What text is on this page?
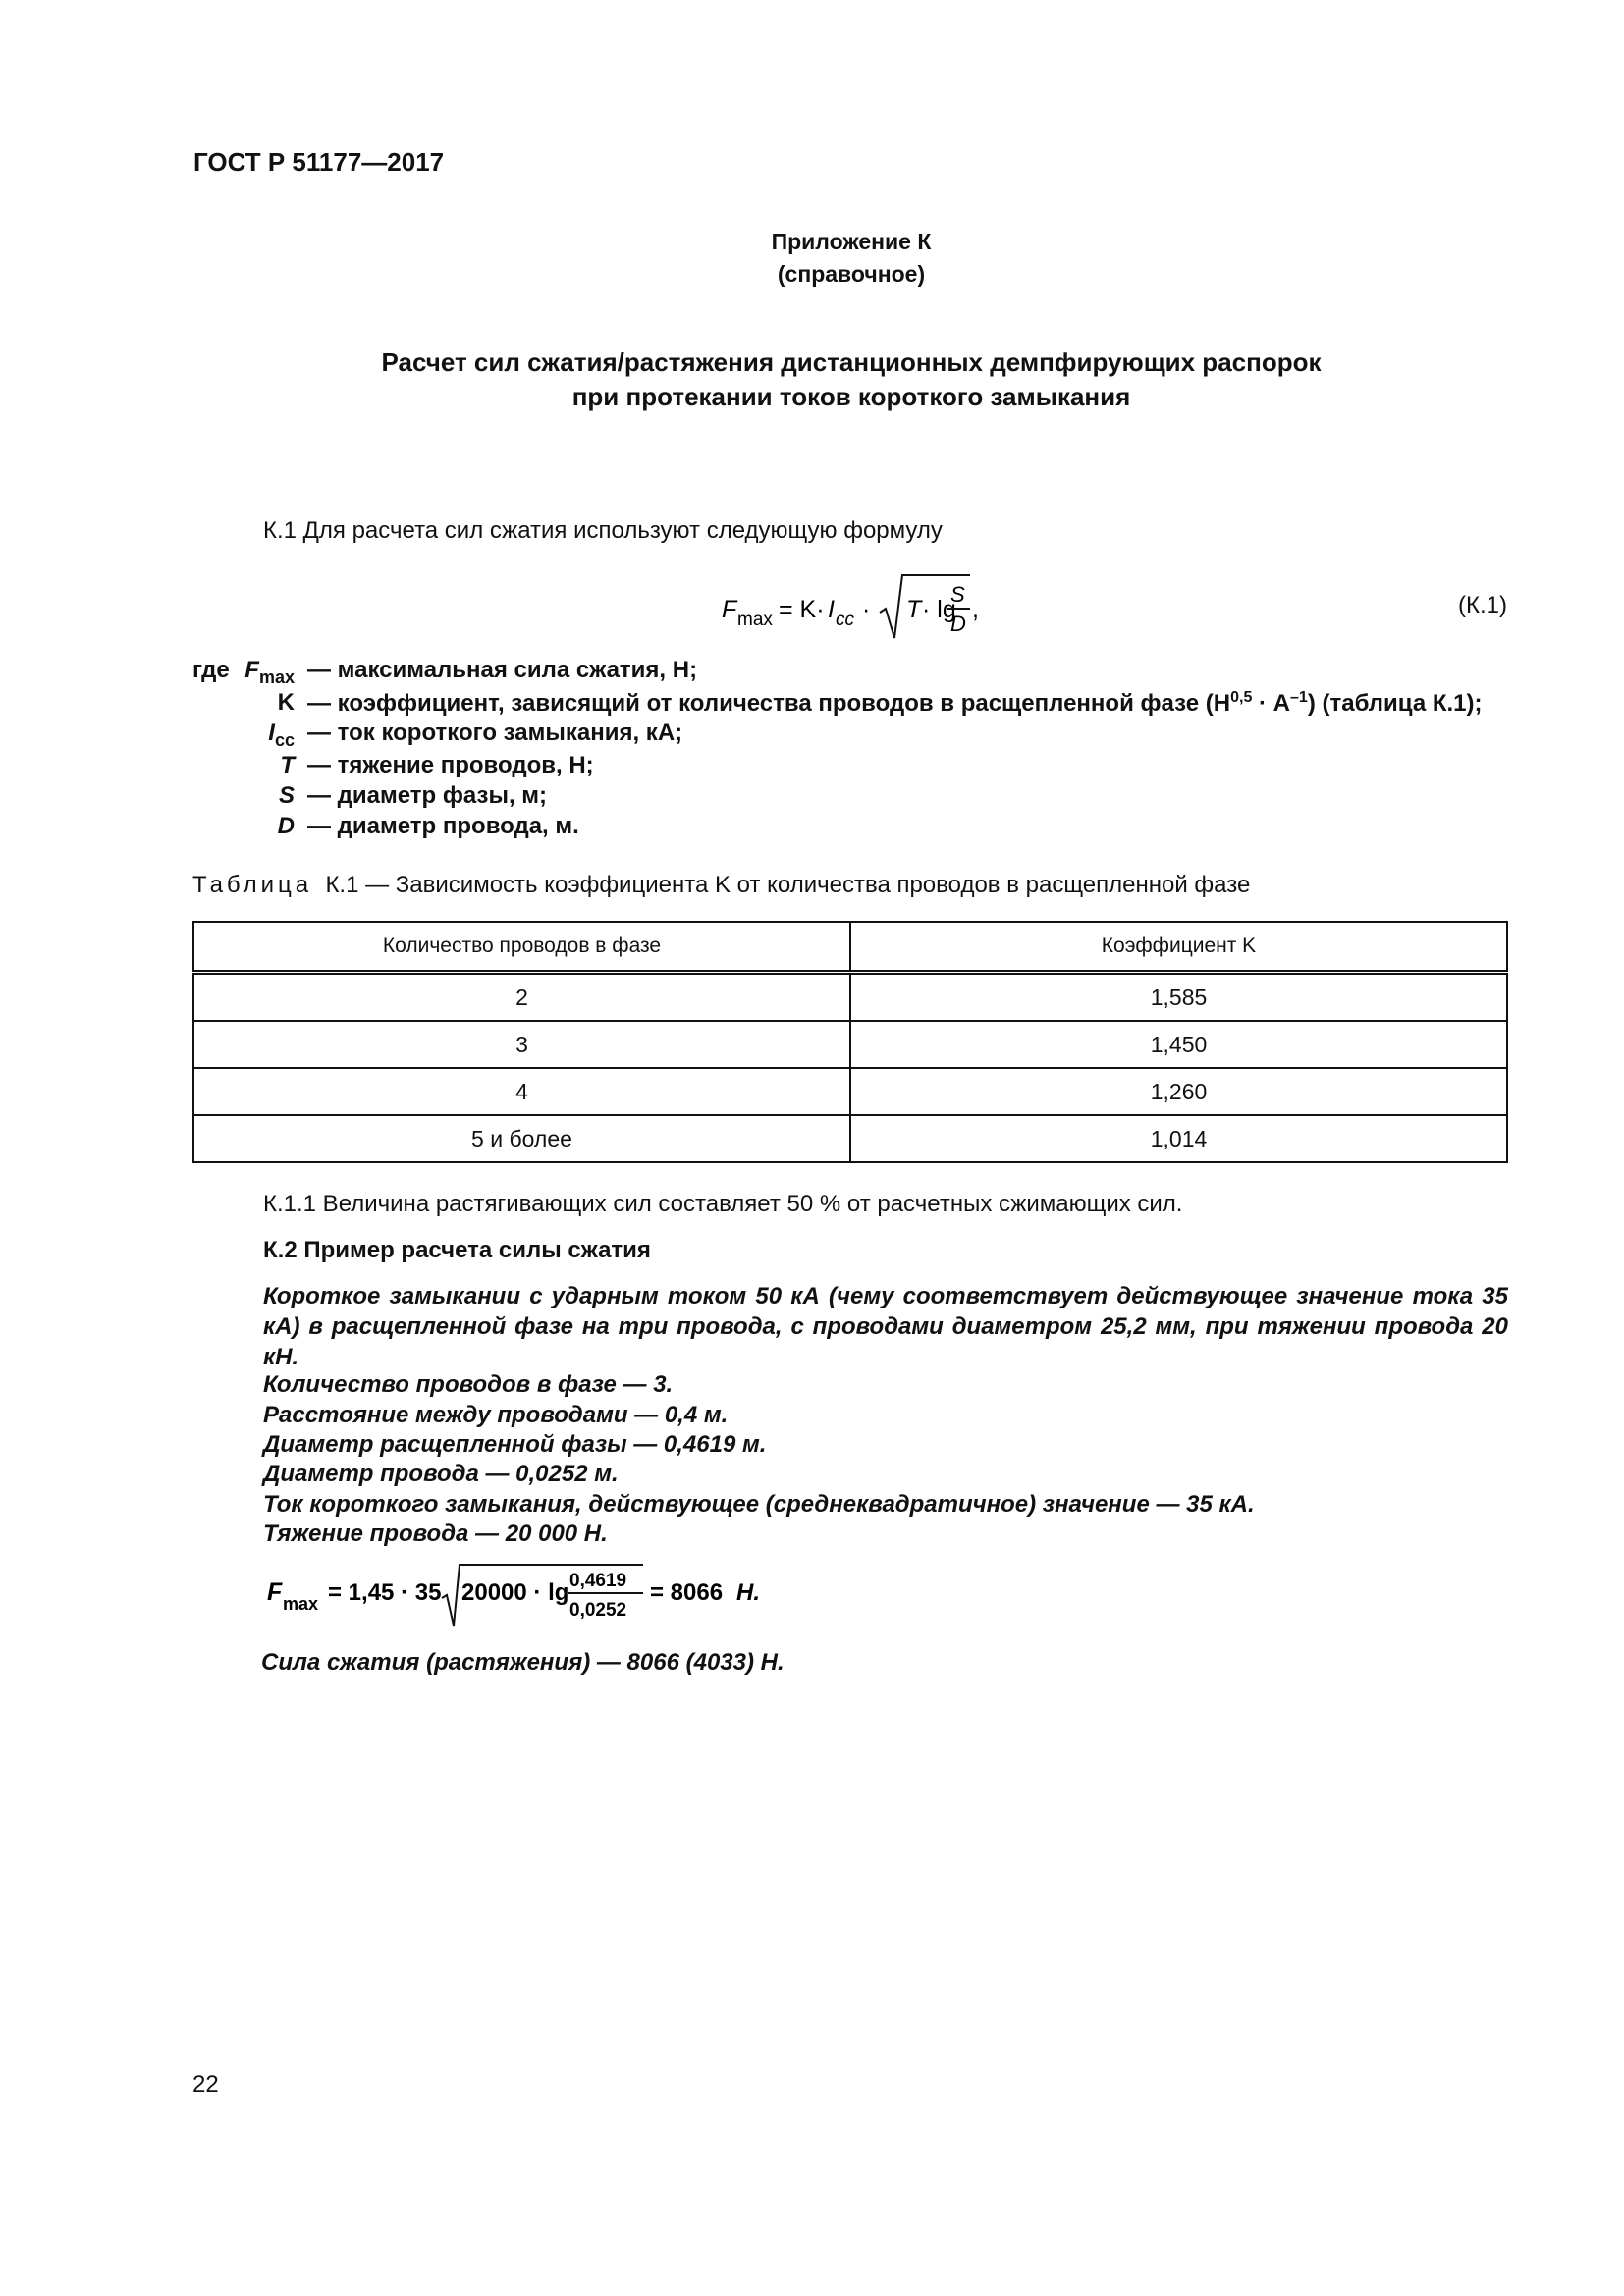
ГОСТ Р 51177—2017
Приложение К
(справочное)
Расчет сил сжатия/растяжения дистанционных демпфирующих распорок
при протекании токов короткого замыкания
К.1 Для расчета сил сжатия используют следующую формулу
F max = K· I cc · T · lg
S
D
,	(К.1)
где $F_{max}$ — максимальная сила сжатия, Н;
K — коэффициент, зависящий от количества проводов в расщепленной фазе $(Н^{0,5} \cdot А^{-1})$ (таблица К.1);
$I_{cc}$ — ток короткого замыкания, кА;
T — тяжение проводов, Н;
S — диаметр фазы, м;
D — диаметр провода, м.
Таблица К.1 — Зависимость коэффициента K от количества проводов в расщепленной фазе
Количество проводов в фазе	Коэффициент K
2	1,585
3	1,450
4	1,260
5 и более	1,014
К.1.1 Величина растягивающих сил составляет 50 % от расчетных сжимающих сил.
К.2 Пример расчета силы сжатия
Короткое замыкании с ударным током 50 кА (чему соответствует действующее значение тока 35 кА) в расщепленной фазе на три провода, с проводами диаметром 25,2 мм, при тяжении провода 20 кН.
Количество проводов в фазе — 3.
Расстояние между проводами — 0,4 м.
Диаметр расщепленной фазы — 0,4619 м.
Диаметр провода — 0,0252 м.
Ток короткого замыкания, действующее (среднеквадратичное) значение — 35 кА.
Тяжение провода — 20 000 Н.
F max = 1,45 · 35 20000 · lg 0,4619
0,0252
= 8066 Н.
Сила сжатия (растяжения) — 8066 (4033) Н.
22
